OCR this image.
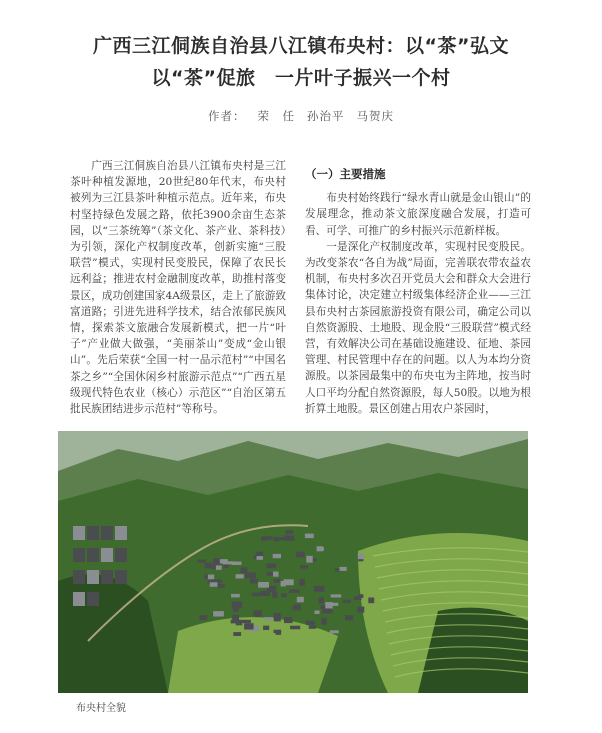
广西三江侗族自治县八江镇布央村：以“茶”弘文
以“茶”促旅　一片叶子振兴一个村
作者： 荣　任 孙治平 马贺庆

广西三江侗族自治县八江镇布央村是三江茶叶种植发源地，20世纪80年代末，布央村被列为三江县茶叶种植示范点。近年来，布央村坚持绿色发展之路，依托3900余亩生态茶园，以“三茶统筹”（茶文化、茶产业、茶科技）为引领，深化产权制度改革，创新实施“三股联营”模式，实现村民变股民，保障了农民长远利益；推进农村金融制度改革，助推村落变景区，成功创建国家4A级景区，走上了旅游致富道路；引进先进科学技术，结合浓郁民族风情，探索茶文旅融合发展新模式，把一片“叶子”产业做大做强，“美丽茶山”变成“金山银山”。先后荣获“全国一村一品示范村”“中国名茶之乡”“全国休闲乡村旅游示范点”“广西五星级现代特色农业（核心）示范区”“自治区第五批民族团结进步示范村”等称号。

（一）主要措施

布央村始终践行“绿水青山就是金山银山”的发展理念，推动茶文旅深度融合发展，打造可看、可学、可推广的乡村振兴示范新样板。

一是深化产权制度改革，实现村民变股民。为改变茶农“各自为战”局面，完善联农带农益农机制，布央村多次召开党员大会和群众大会进行集体讨论，决定建立村级集体经济企业——三江县布央村古茶园旅游投资有限公司，确定公司以自然资源股、土地股、现金股“三股联营”模式经营，有效解决公司在基础设施建设、征地、茶园管理、村民管理中存在的问题。以人为本均分资源股。以茶园最集中的布央屯为主阵地，按当时人口平均分配自然资源股，每人50股。以地为根折算土地股。景区创建占用农户茶园时，

布央村全貌
